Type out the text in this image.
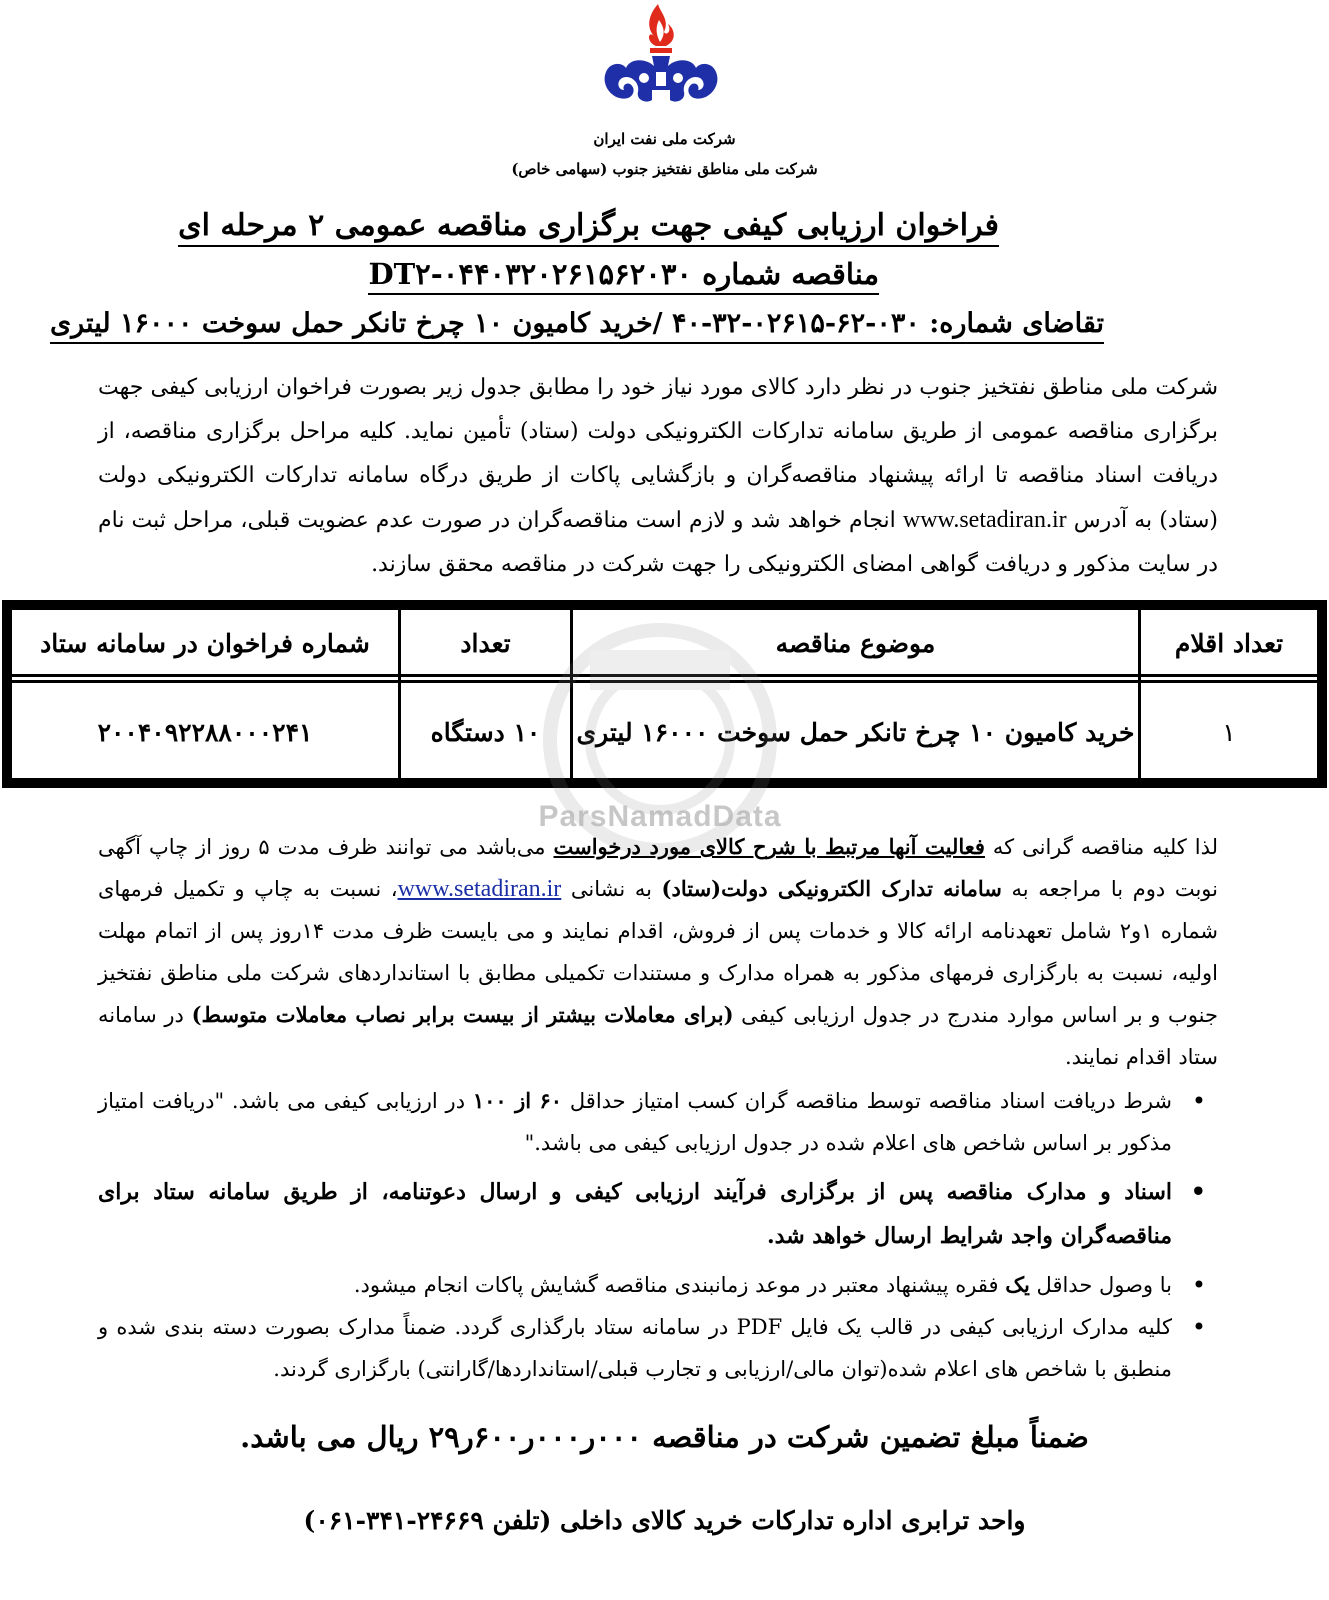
شرکت ملی نفت ایران
شرکت ملی مناطق نفتخیز جنوب (سهامی خاص)
فراخوان ارزیابی کیفی جهت برگزاری مناقصه عمومی ۲ مرحله ای
مناقصه شماره DT۲-۰۴۴۰۳۲۰۲۶۱۵۶۲۰۳۰
تقاضای شماره: ۰۳۰-۶۲-۰۲۶۱۵-۳۲-۴۰ /خرید کامیون ۱۰ چرخ تانکر حمل سوخت ۱۶۰۰۰ لیتری
شرکت ملی مناطق نفتخیز جنوب در نظر دارد کالای مورد نیاز خود را مطابق جدول زیر بصورت فراخوان ارزیابی کیفی جهت برگزاری مناقصه عمومی از طریق سامانه تدارکات الکترونیکی دولت (ستاد) تأمین نماید. کلیه مراحل برگزاری مناقصه، از دریافت اسناد مناقصه تا ارائه پیشنهاد مناقصه‌گران و بازگشایی پاکات از طریق درگاه سامانه تدارکات الکترونیکی دولت (ستاد) به آدرس www.setadiran.ir انجام خواهد شد و لازم است مناقصه‌گران در صورت عدم عضویت قبلی، مراحل ثبت نام در سایت مذکور و دریافت گواهی امضای الکترونیکی را جهت شرکت در مناقصه محقق سازند.
تعداد اقلام
موضوع مناقصه
تعداد
شماره فراخوان در سامانه ستاد
۱
خرید کامیون ۱۰ چرخ تانکر حمل سوخت ۱۶۰۰۰ لیتری
۱۰ دستگاه
۲۰۰۴۰۹۲۲۸۸۰۰۰۲۴۱
ParsNamadData
لذا کلیه مناقصه گرانی که فعالیت آنها مرتبط با شرح کالای مورد درخواست می‌باشد می توانند ظرف مدت ۵ روز از چاپ آگهی نوبت دوم با مراجعه به سامانه تدارک الکترونیکی دولت(ستاد) به نشانی www.setadiran.ir، نسبت به چاپ و تکمیل فرمهای شماره ۱و۲ شامل تعهدنامه ارائه کالا و خدمات پس از فروش، اقدام نمایند و می بایست ظرف مدت ۱۴روز پس از اتمام مهلت اولیه، نسبت به بارگزاری فرمهای مذکور به همراه مدارک و مستندات تکمیلی مطابق با استانداردهای شرکت ملی مناطق نفتخیز جنوب و بر اساس موارد مندرج در جدول ارزیابی کیفی (برای معاملات بیشتر از بیست برابر نصاب معاملات متوسط) در سامانه ستاد اقدام نمایند.
• شرط دریافت اسناد مناقصه توسط مناقصه گران کسب امتیاز حداقل ۶۰ از ۱۰۰ در ارزیابی کیفی می باشد. "دریافت امتیاز مذکور بر اساس شاخص های اعلام شده در جدول ارزیابی کیفی می باشد."
• اسناد و مدارک مناقصه پس از برگزاری فرآیند ارزیابی کیفی و ارسال دعوتنامه، از طریق سامانه ستاد برای مناقصه‌گران واجد شرایط ارسال خواهد شد.
• با وصول حداقل یک فقره پیشنهاد معتبر در موعد زمانبندی مناقصه گشایش پاکات انجام میشود.
• کلیه مدارک ارزیابی کیفی در قالب یک فایل PDF در سامانه ستاد بارگذاری گردد. ضمناً مدارک بصورت دسته بندی شده و منطبق با شاخص های اعلام شده(توان مالی/ارزیابی و تجارب قبلی/استانداردها/گارانتی) بارگزاری گردند.
ضمناً مبلغ تضمین شرکت در مناقصه ۰۰۰ر۰۰۰ر۶۰۰ر۲۹ ریال می باشد.
واحد ترابری اداره تدارکات خرید کالای داخلی (تلفن ۲۴۶۶۹-۳۴۱-۰۶۱)
